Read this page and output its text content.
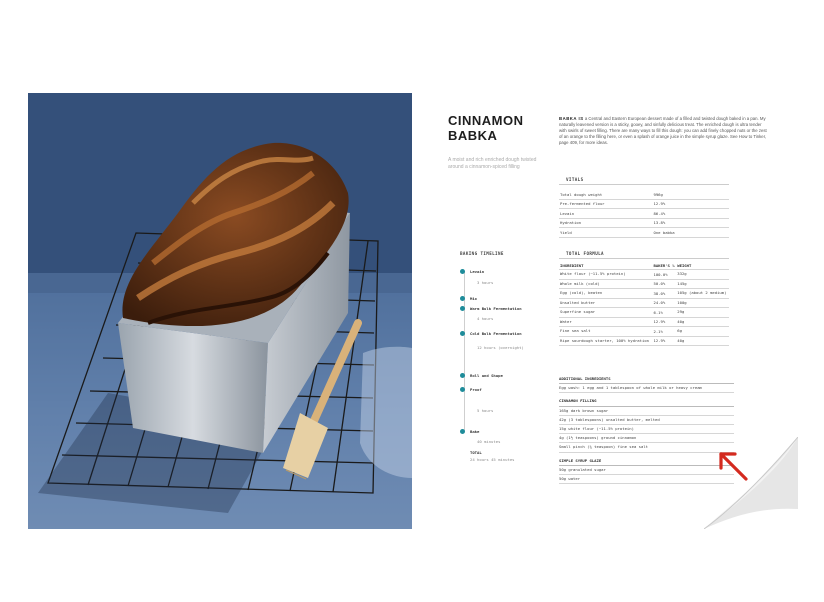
CINNAMON
BABKA
A moist and rich enriched dough twisted around a cinnamon-spiced filling
BABKA IS a Central and Eastern European dessert made of a filled and twisted dough baked in a pan. My naturally leavened version is a sticky, gooey, and sinfully delicious treat. The enriched dough is ultra tender with swirls of sweet filling. There are many ways to fill this dough: you can add finely chopped nuts or the zest of an orange to the filling here, or even a splash of orange juice in the simple syrup glaze. See How to Tinker, page 409, for more ideas.
VITALS
Total dough weight	996g
Pre-fermented flour	12.9%
Levain	86.4%
Hydration	13.8%
Yield	One babka
BAKING TIMELINE
Levain
3 hours
Mix
Warm Bulk Fermentation
4 hours
Cold Bulk Fermentation
12 hours (overnight)
Roll and Shape
Proof
5 hours
Bake
40 minutes
TOTAL
24 hours 45 minutes
TOTAL FORMULA
INGREDIENT	BAKER'S %	WEIGHT
White flour (~11.5% protein)	100.0%	332g
Whole milk (cold)	50.0%	145g
Egg (cold), beaten	38.0%	105g (about 2 medium)
Unsalted butter	24.0%	100g
Superfine sugar	6.1%	29g
Water	12.9%	40g
Fine sea salt	2.1%	6g
Ripe sourdough starter, 100% hydration	12.9%	40g
ADDITIONAL INGREDIENTS
Egg wash: 1 egg and 1 tablespoon of whole milk or heavy cream
CINNAMON FILLING
165g dark brown sugar
42g (3 tablespoons) unsalted butter, melted
15g white flour (~11.5% protein)
4g (1½ teaspoons) ground cinnamon
Small pinch (¼ teaspoon) fine sea salt
SIMPLE SYRUP GLAZE
50g granulated sugar
50g water
